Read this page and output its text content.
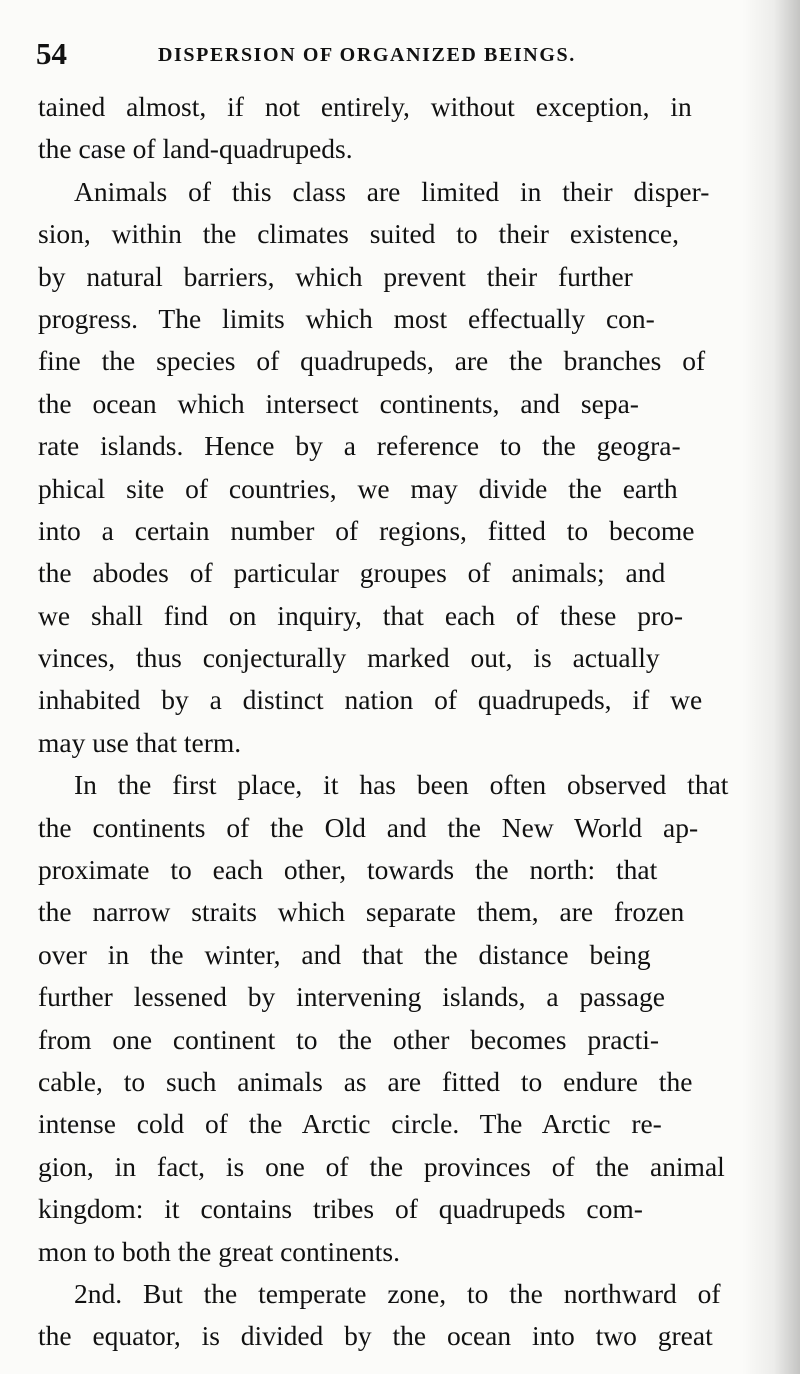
54	DISPERSION OF ORGANIZED BEINGS.
tained almost, if not entirely, without exception, in
the case of land-quadrupeds.
Animals of this class are limited in their disper-
sion, within the climates suited to their existence,
by natural barriers, which prevent their further
progress. The limits which most effectually con-
fine the species of quadrupeds, are the branches of
the ocean which intersect continents, and sepa-
rate islands. Hence by a reference to the geogra-
phical site of countries, we may divide the earth
into a certain number of regions, fitted to become
the abodes of particular groupes of animals; and
we shall find on inquiry, that each of these pro-
vinces, thus conjecturally marked out, is actually
inhabited by a distinct nation of quadrupeds, if we
may use that term.
In the first place, it has been often observed that
the continents of the Old and the New World ap-
proximate to each other, towards the north: that
the narrow straits which separate them, are frozen
over in the winter, and that the distance being
further lessened by intervening islands, a passage
from one continent to the other becomes practi-
cable, to such animals as are fitted to endure the
intense cold of the Arctic circle. The Arctic re-
gion, in fact, is one of the provinces of the animal
kingdom: it contains tribes of quadrupeds com-
mon to both the great continents.
2nd. But the temperate zone, to the northward of
the equator, is divided by the ocean into two great
